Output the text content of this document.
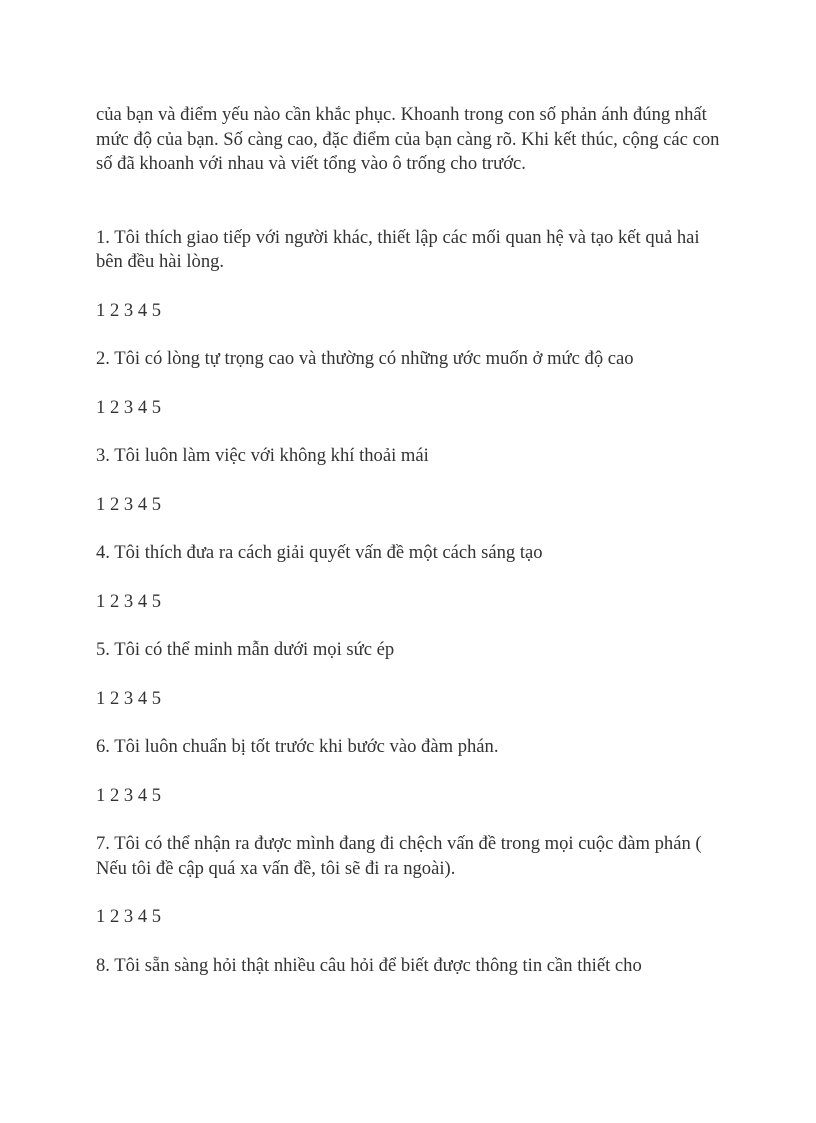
của bạn và điểm yếu nào cần khắc phục. Khoanh trong con số phản ánh đúng nhất mức độ của bạn. Số càng cao, đặc điểm của bạn càng rõ. Khi kết thúc, cộng các con số đã khoanh với nhau và viết tổng vào ô trống cho trước.

1. Tôi thích giao tiếp với người khác, thiết lập các mối quan hệ và tạo kết quả hai bên đều hài lòng.

1 2 3 4 5

2. Tôi có lòng tự trọng cao và thường có những ước muốn ở mức độ cao

1 2 3 4 5

3. Tôi luôn làm việc với không khí thoải mái

1 2 3 4 5

4. Tôi thích đưa ra cách giải quyết vấn đề một cách sáng tạo

1 2 3 4 5

5. Tôi có thể minh mẫn dưới mọi sức ép

1 2 3 4 5

6. Tôi luôn chuẩn bị tốt trước khi bước vào đàm phán.

1 2 3 4 5

7. Tôi có thể nhận ra được mình đang đi chệch vấn đề trong mọi cuộc đàm phán ( Nếu tôi đề cập quá xa vấn đề, tôi sẽ đi ra ngoài).

1 2 3 4 5

8. Tôi sẵn sàng hỏi thật nhiều câu hỏi để biết được thông tin cần thiết cho
